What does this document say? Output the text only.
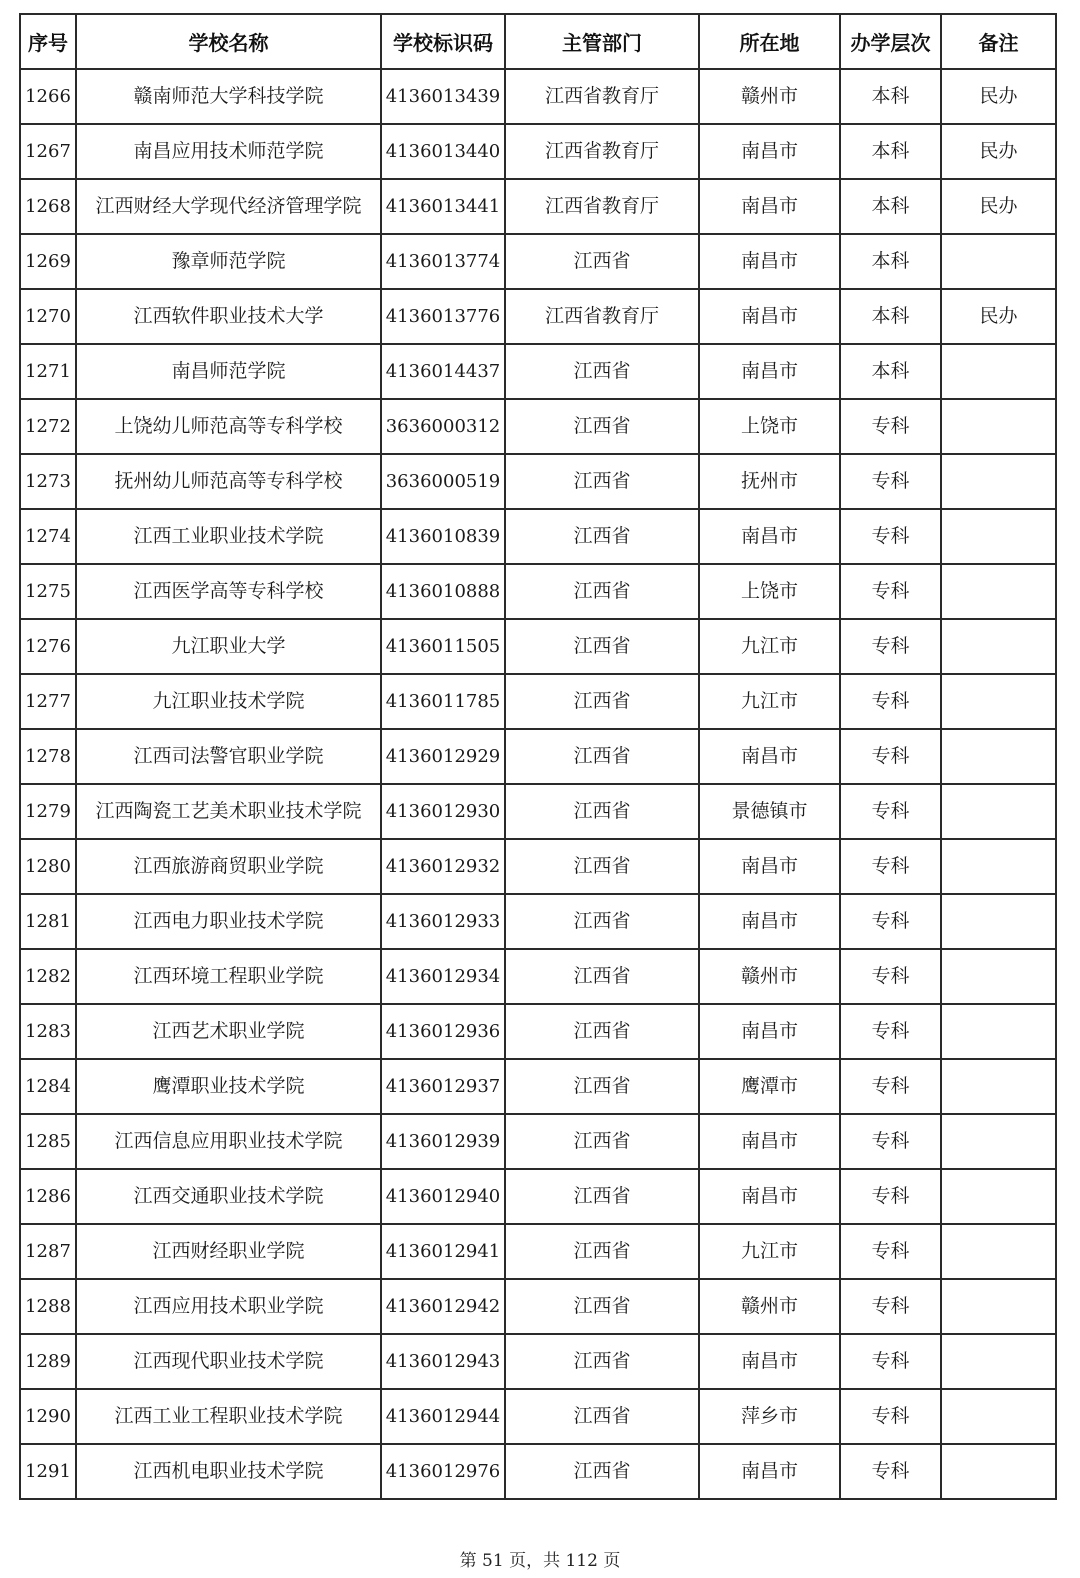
序号	学校名称	学校标识码	主管部门	所在地	办学层次	备注
1266	赣南师范大学科技学院	4136013439	江西省教育厅	赣州市	本科	民办
1267	南昌应用技术师范学院	4136013440	江西省教育厅	南昌市	本科	民办
1268	江西财经大学现代经济管理学院	4136013441	江西省教育厅	南昌市	本科	民办
1269	豫章师范学院	4136013774	江西省	南昌市	本科	
1270	江西软件职业技术大学	4136013776	江西省教育厅	南昌市	本科	民办
1271	南昌师范学院	4136014437	江西省	南昌市	本科	
1272	上饶幼儿师范高等专科学校	3636000312	江西省	上饶市	专科	
1273	抚州幼儿师范高等专科学校	3636000519	江西省	抚州市	专科	
1274	江西工业职业技术学院	4136010839	江西省	南昌市	专科	
1275	江西医学高等专科学校	4136010888	江西省	上饶市	专科	
1276	九江职业大学	4136011505	江西省	九江市	专科	
1277	九江职业技术学院	4136011785	江西省	九江市	专科	
1278	江西司法警官职业学院	4136012929	江西省	南昌市	专科	
1279	江西陶瓷工艺美术职业技术学院	4136012930	江西省	景德镇市	专科	
1280	江西旅游商贸职业学院	4136012932	江西省	南昌市	专科	
1281	江西电力职业技术学院	4136012933	江西省	南昌市	专科	
1282	江西环境工程职业学院	4136012934	江西省	赣州市	专科	
1283	江西艺术职业学院	4136012936	江西省	南昌市	专科	
1284	鹰潭职业技术学院	4136012937	江西省	鹰潭市	专科	
1285	江西信息应用职业技术学院	4136012939	江西省	南昌市	专科	
1286	江西交通职业技术学院	4136012940	江西省	南昌市	专科	
1287	江西财经职业学院	4136012941	江西省	九江市	专科	
1288	江西应用技术职业学院	4136012942	江西省	赣州市	专科	
1289	江西现代职业技术学院	4136012943	江西省	南昌市	专科	
1290	江西工业工程职业技术学院	4136012944	江西省	萍乡市	专科	
1291	江西机电职业技术学院	4136012976	江西省	南昌市	专科	
第 51 页，共 112 页
